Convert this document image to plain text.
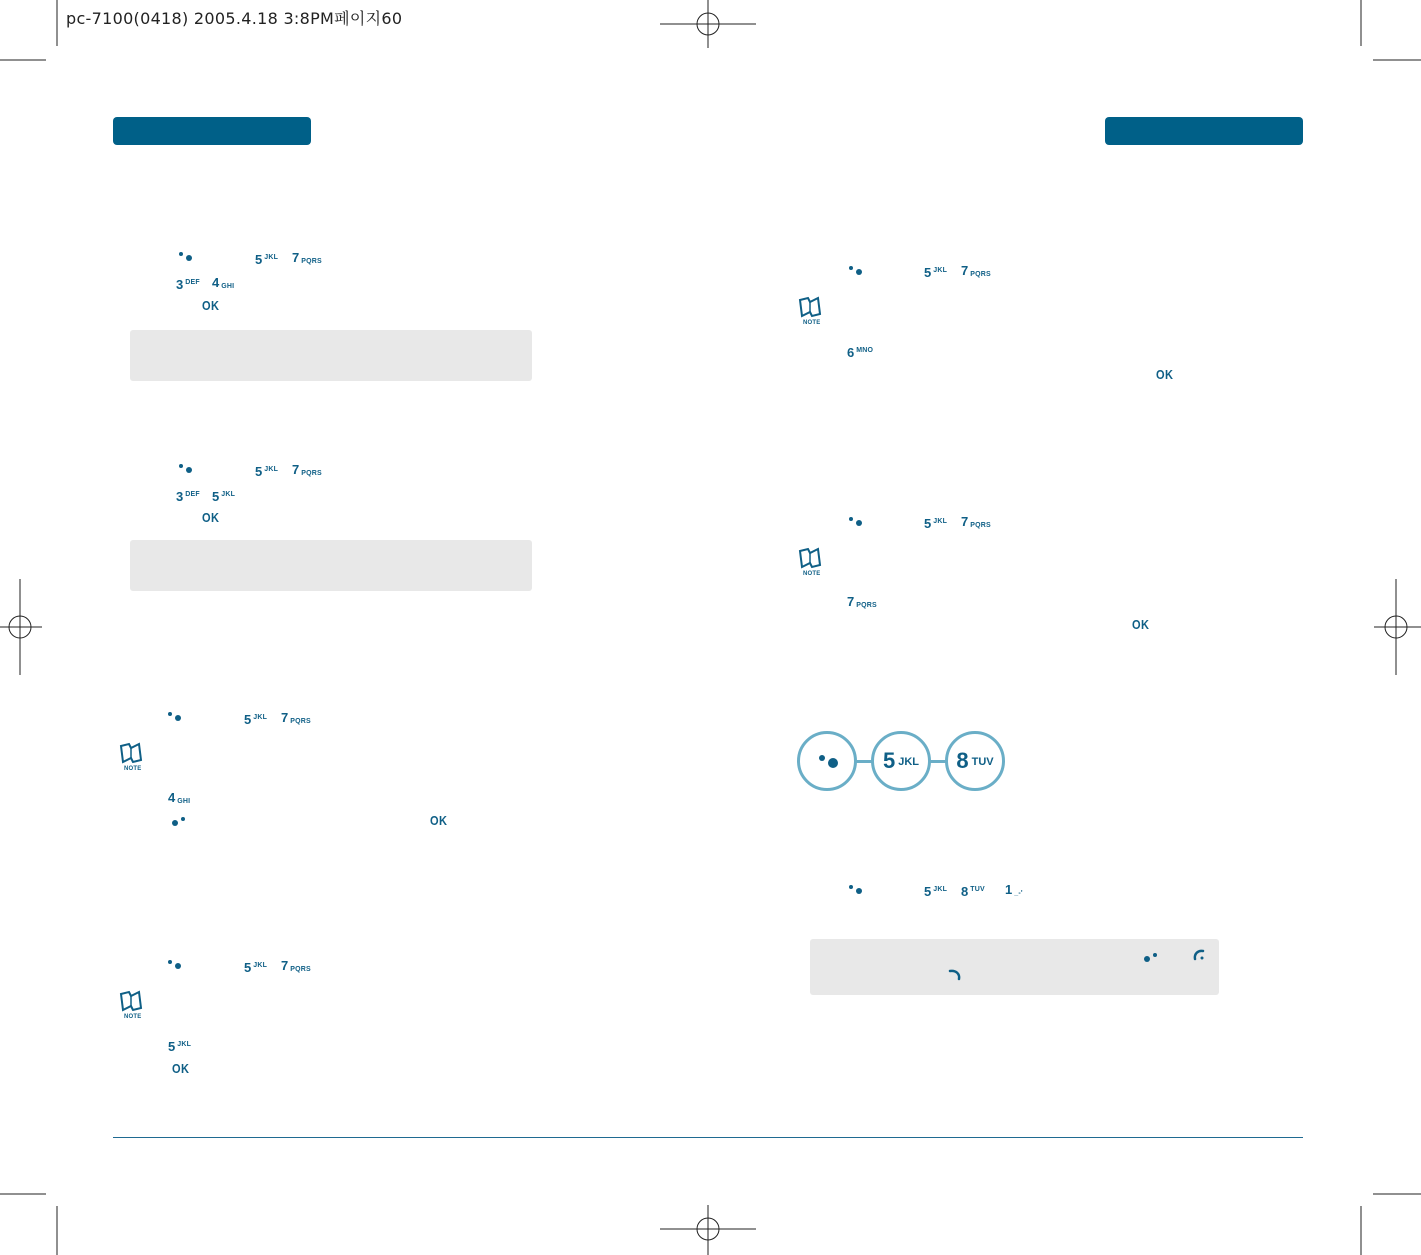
pc-7100(0418) 2005.4.18 3:8PM페이지60
5 $^{JKL}$ 7 PQRS
3 $^{DEF}$ 4 GHI
OK
5 $^{JKL}$ 7 PQRS
3 $^{DEF}$ 5 $^{JKL}$
OK
5 $^{JKL}$ 7 PQRS
NOTE
4 GHI
OK
5 $^{JKL}$ 7 PQRS
NOTE
5 $^{JKL}$
OK
5 $^{JKL}$ 7 PQRS
NOTE
6 $^{MNO}$
OK
5 $^{JKL}$ 7 PQRS
NOTE
7 PQRS
OK
5 JKL	8 TUV
5 $^{JKL}$ 8 $^{TUV}$ 1 _-'
